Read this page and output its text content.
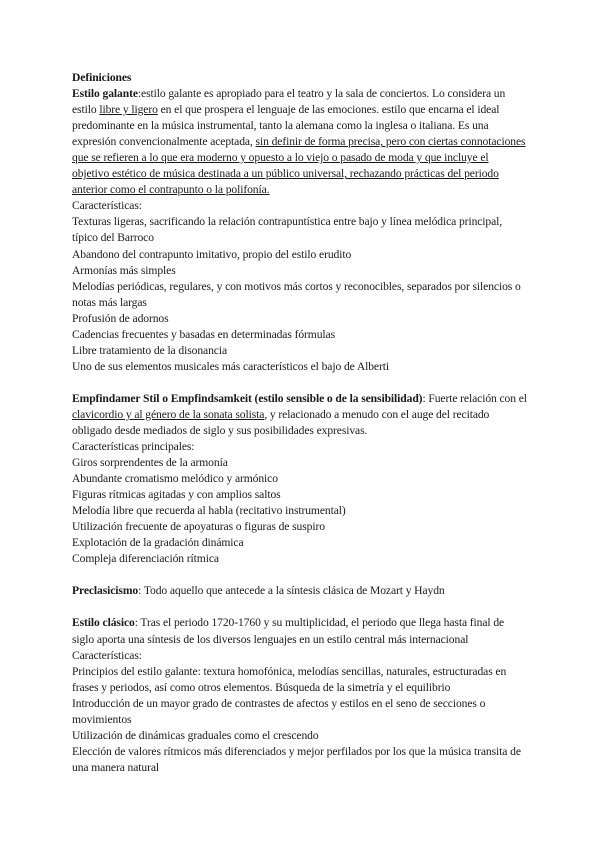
Definiciones

Estilo galante:estilo galante es apropiado para el teatro y la sala de conciertos. Lo considera un estilo libre y ligero en el que prospera el lenguaje de las emociones. estilo que encarna el ideal predominante en la música instrumental, tanto la alemana como la inglesa o italiana. Es una expresión convencionalmente aceptada, sin definir de forma precisa, pero con ciertas connotaciones que se refieren a lo que era moderno y opuesto a lo viejo o pasado de moda y que incluye el objetivo estético de música destinada a un público universal, rechazando prácticas del periodo anterior como el contrapunto o la polifonía.

Características:

Texturas ligeras, sacrificando la relación contrapuntística entre bajo y línea melódica principal, típico del Barroco

Abandono del contrapunto imitativo, propio del estilo erudito

Armonías más simples

Melodías periódicas, regulares, y con motivos más cortos y reconocibles, separados por silencios o notas más largas

Profusión de adornos

Cadencias frecuentes y basadas en determinadas fórmulas

Libre tratamiento de la disonancia

Uno de sus elementos musicales más característicos el bajo de Alberti

Empfindamer Stil o Empfindsamkeit (estilo sensible o de la sensibilidad): Fuerte relación con el clavicordio y al género de la sonata solista, y relacionado a menudo con el auge del recitado obligado desde mediados de siglo y sus posibilidades expresivas.

Características principales:

Giros sorprendentes de la armonía

Abundante cromatismo melódico y armónico

Figuras rítmicas agitadas y con amplios saltos

Melodía libre que recuerda al habla (recitativo instrumental)

Utilización frecuente de apoyaturas o figuras de suspiro

Explotación de la gradación dinámica

Compleja diferenciación rítmica

Preclasicismo: Todo aquello que antecede a la síntesis clásica de Mozart y Haydn

Estilo clásico: Tras el periodo 1720-1760 y su multiplicidad, el periodo que llega hasta final de siglo aporta una síntesis de los diversos lenguajes en un estilo central más internacional

Características:

Principios del estilo galante: textura homofónica, melodías sencillas, naturales, estructuradas en frases y periodos, así como otros elementos. Búsqueda de la simetría y el equilibrio

Introducción de un mayor grado de contrastes de afectos y estilos en el seno de secciones o movimientos

Utilización de dinámicas graduales como el crescendo

Elección de valores rítmicos más diferenciados y mejor perfilados por los que la música transita de una manera natural
